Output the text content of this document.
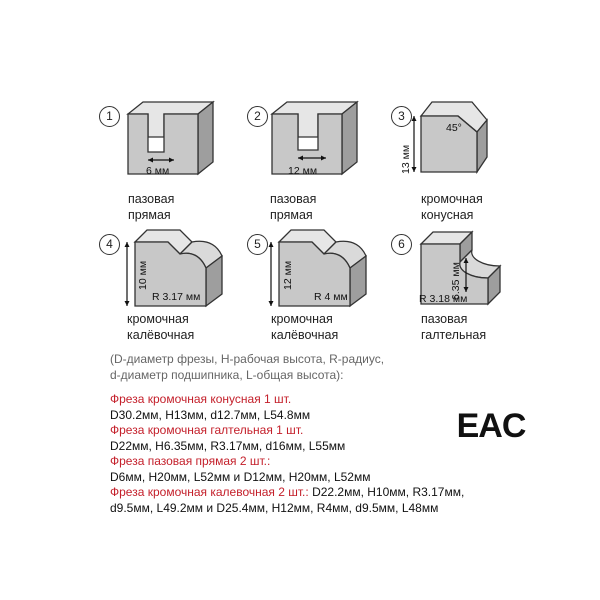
1
6 мм
пазовая
прямая
2
12 мм
пазовая
прямая
3
45°
13 мм
кромочная
конусная
4
10 мм
R 3.17 мм
кромочная
калёвочная
5
12 мм
R 4 мм
кромочная
калёвочная
6
6.35 мм
R 3.18 мм
пазовая
галтельная
(D-диаметр фрезы, H-рабочая высота, R-радиус,
d-диаметр подшипника, L-общая высота):
Фреза кромочная конусная 1 шт.
D30.2мм, H13мм, d12.7мм, L54.8мм
Фреза кромочная галтельная 1 шт.
D22мм, H6.35мм, R3.17мм, d16мм, L55мм
Фреза пазовая прямая 2 шт.:
D6мм, H20мм, L52мм и D12мм, H20мм, L52мм
Фреза кромочная калевочная 2 шт.: D22.2мм, H10мм, R3.17мм,
d9.5мм, L49.2мм и D25.4мм, H12мм, R4мм, d9.5мм, L48мм
EAC
